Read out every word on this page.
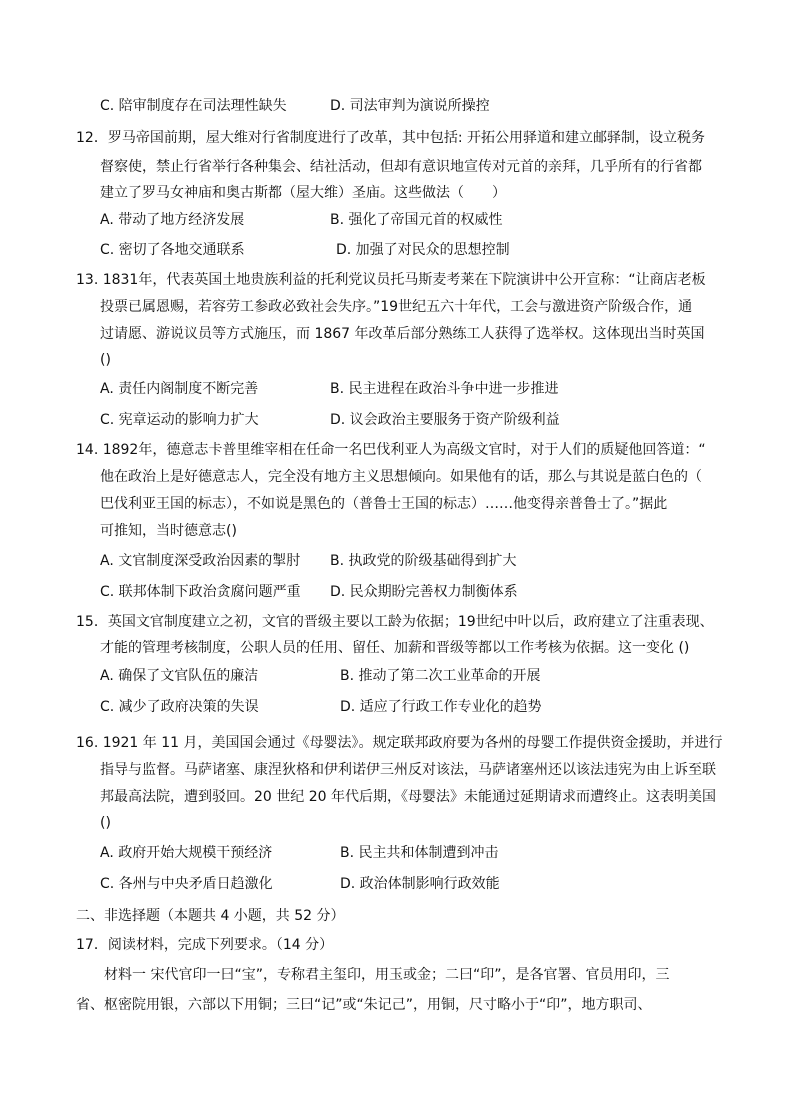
C. 陪审制度存在司法理性缺失	D. 司法审判为演说所操控
12．罗马帝国前期，屋大维对行省制度进行了改革，其中包括: 开拓公用驿道和建立邮驿制，设立税务
督察使，禁止行省举行各种集会、结社活动，但却有意识地宣传对元首的亲拜，几乎所有的行省都
建立了罗马女神庙和奥古斯都（屋大维）圣庙。这些做法（　　）
A. 带动了地方经济发展	B. 强化了帝国元首的权威性
C. 密切了各地交通联系	D. 加强了对民众的思想控制
13. 1831年，代表英国土地贵族利益的托利党议员托马斯麦考莱在下院演讲中公开宣称：“让商店老板
投票已属恩赐，若容劳工参政必致社会失序。”19世纪五六十年代，工会与激进资产阶级合作，通
过请愿、游说议员等方式施压，而 1867 年改革后部分熟练工人获得了选举权。这体现出当时英国
()
A. 责任内阁制度不断完善	B. 民主进程在政治斗争中进一步推进
C. 宪章运动的影响力扩大	D. 议会政治主要服务于资产阶级利益
14. 1892年，德意志卡普里维宰相在任命一名巴伐利亚人为高级文官时，对于人们的质疑他回答道：“
他在政治上是好德意志人，完全没有地方主义思想倾向。如果他有的话，那么与其说是蓝白色的（
巴伐利亚王国的标志），不如说是黑色的（普鲁士王国的标志）……他变得亲普鲁士了。”据此
可推知，当时德意志()
A. 文官制度深受政治因素的掣肘 B. 执政党的阶级基础得到扩大
C. 联邦体制下政治贪腐问题严重 D. 民众期盼完善权力制衡体系
15．英国文官制度建立之初，文官的晋级主要以工龄为依据；19世纪中叶以后，政府建立了注重表现、
才能的管理考核制度，公职人员的任用、留任、加薪和晋级等都以工作考核为依据。这一变化 ()
A. 确保了文官队伍的廉洁	B. 推动了第二次工业革命的开展
C. 减少了政府决策的失误	D. 适应了行政工作专业化的趋势
16. 1921 年 11 月，美国国会通过《母婴法》。规定联邦政府要为各州的母婴工作提供资金援助，并进行
指导与监督。马萨诸塞、康涅狄格和伊利诺伊三州反对该法，马萨诸塞州还以该法违宪为由上诉至联
邦最高法院，遭到驳回。20 世纪 20 年代后期，《母婴法》未能通过延期请求而遭终止。这表明美国
()
A. 政府开始大规模干预经济	B. 民主共和体制遭到冲击
C. 各州与中央矛盾日趋激化	D. 政治体制影响行政效能
二、非选择题（本题共 4 小题，共 52 分）
17．阅读材料，完成下列要求。（14 分）
材料一 宋代官印一曰“宝”，专称君主玺印，用玉或金；二曰“印”，是各官署、官员用印，三
省、枢密院用银，六部以下用铜；三曰“记”或“朱记己”，用铜，尺寸略小于“印”，地方职司、
